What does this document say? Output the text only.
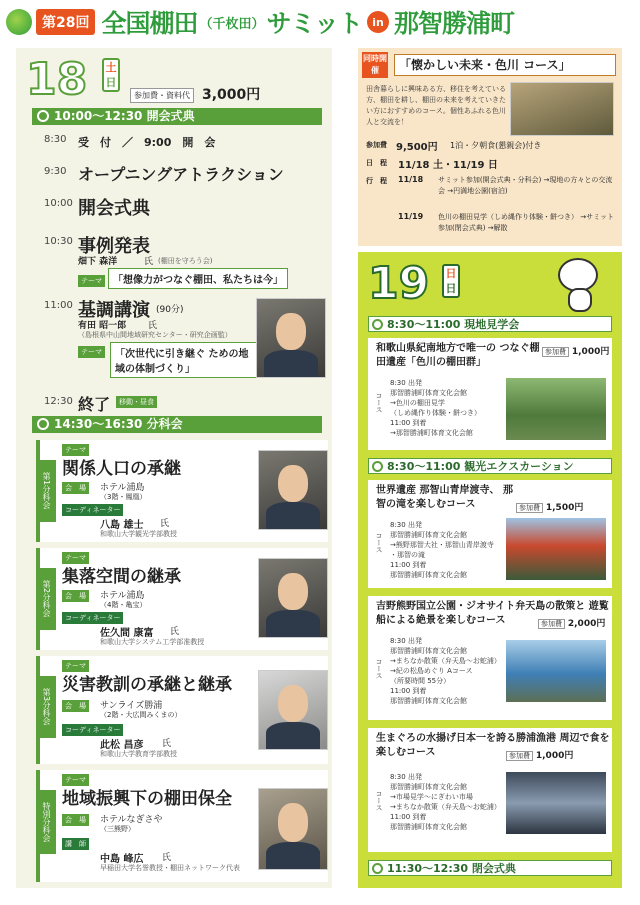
第28回 全国棚田 （千枚田） サミット in 那智勝浦町
18 土
日
参加費・資料代 3,000円
10:00〜12:30 開会式典
8:30 受　付　／　9:00　開　会
9:30 オープニングアトラクション
10:00 開会式典
10:30 事例発表
畑下 森洋	氏 (棚田を守ろう会)
テーマ 「想像力がつなぐ棚田、私たちは今」
11:00 基調講演 (90分)
有田 昭一郎 氏
（島根県中山間地域研究センター・研究企画監）
テーマ	「次世代に引き継ぐ ための地域の体制づくり」
12:30 終了	移動・昼食
14:30〜16:30 分科会
第1分科会
テーマ
関係人口の承継
会　場	ホテル浦島
（3階・鳳凰）
コーディネーター
八島 雄士 氏
和歌山大学観光学部教授
第2分科会
テーマ
集落空間の継承
会　場	ホテル浦島
（4階・亀宝）
コーディネーター
佐久間 康富 氏
和歌山大学システム工学部准教授
第3分科会
テーマ
災害教訓の承継と継承
会　場	サンライズ勝浦
（2階・大広間みくまの）
コーディネーター
此松 昌彦 氏
和歌山大学教育学部教授
特別分科会
テーマ
地域振興下の棚田保全
会　場	ホテルなぎさや
（三熊野）
講　師
中島 峰広 氏
早稲田大学名誉教授・棚田ネットワーク代表
同時開催	「懐かしい未来・色川 コース」
田舎暮らしに興味ある方、移住を考えている方、棚田を耕し、棚田の未来を考えていきたい方におすすめのコース。個性あふれる色川人と交流を！
参加費 9,500円 1泊・夕朝食(懇親会)付き
日　程 11/18 土・11/19 日
行　程 11/18 サミット参加(開会式典・分科会) →現地の方々との交流会 →円満地公園(宿泊)
11/19 色川の棚田見学（しめ縄作り体験・餅つき） →サミット参加(閉会式典) →解散
19 日
日
8:30〜11:00 現地見学会
和歌山県紀南地方で唯一の つなぐ棚田遺産「色川の棚田群」
参加費 1,000円
コース
8:30 出発
那智勝浦町体育文化会館
→色川の棚田見学
（しめ縄作り体験・餅つき）
11:00 到着
→那智勝浦町体育文化会館
8:30〜11:00 観光エクスカーション
世界遺産 那智山青岸渡寺、 那智の滝を楽しむコース	参加費 1,500円
コース
8:30 出発
那智勝浦町体育文化会館
→熊野那智大社・那智山青岸渡寺
・那智の滝
11:00 到着
那智勝浦町体育文化会館
吉野熊野国立公園・ジオサイト弁天島の散策と 遊覧船による絶景を楽しむコース	参加費 2,000円
コース
8:30 出発
那智勝浦町体育文化会館
→まちなか散策（弁天島〜お蛇浦）
→紀の松島めぐり Aコース
（所要時間 55分）
11:00 到着
那智勝浦町体育文化会館
生まぐろの水揚げ日本一を誇る勝浦漁港 周辺で食を楽しむコース	参加費 1,000円
コース
8:30 出発
那智勝浦町体育文化会館
→市場見学〜にぎわい市場
→まちなか散策（弁天島〜お蛇浦）
11:00 到着
那智勝浦町体育文化会館
11:30〜12:30 閉会式典
